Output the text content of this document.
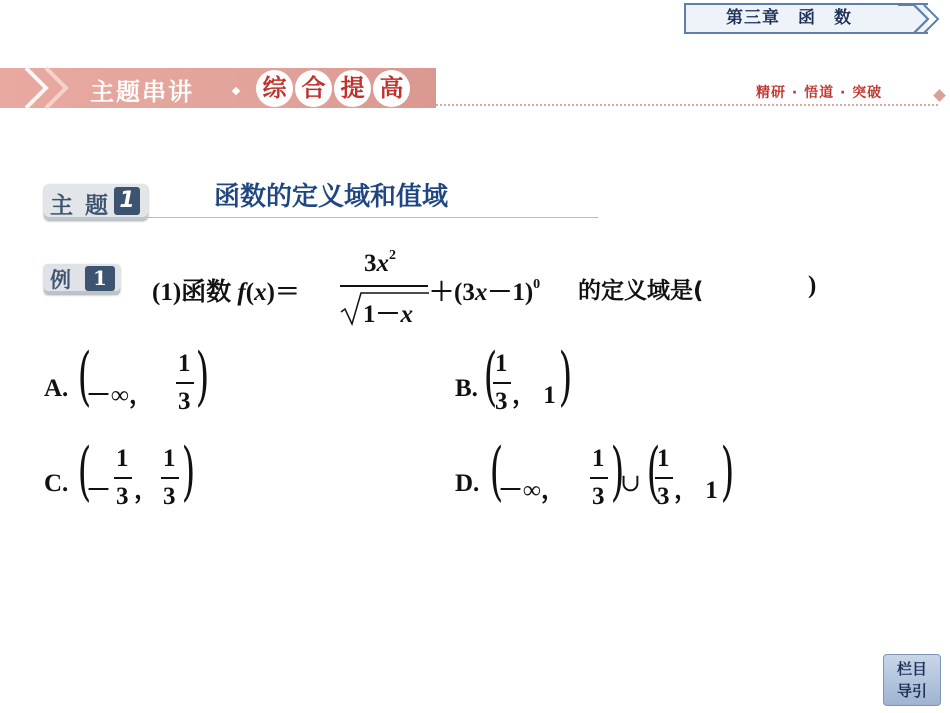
第三章　函　数
主题串讲	综 合 提 高	精研 · 悟道 · 突破
主 题 1	函数的定义域和值域
例	1
(1)函数 f(x)＝
$3x^2$
1－x
$+(3x-1)^0$ 的定义域是(	)
A. (
－∞，
1
3 )	B. (
1
3 ， 1 )
C. (
－
1
3 ，
1
3 )	D. (
－∞，
1
3 )
∪ (
1
3 ， 1 )
栏目
导引
